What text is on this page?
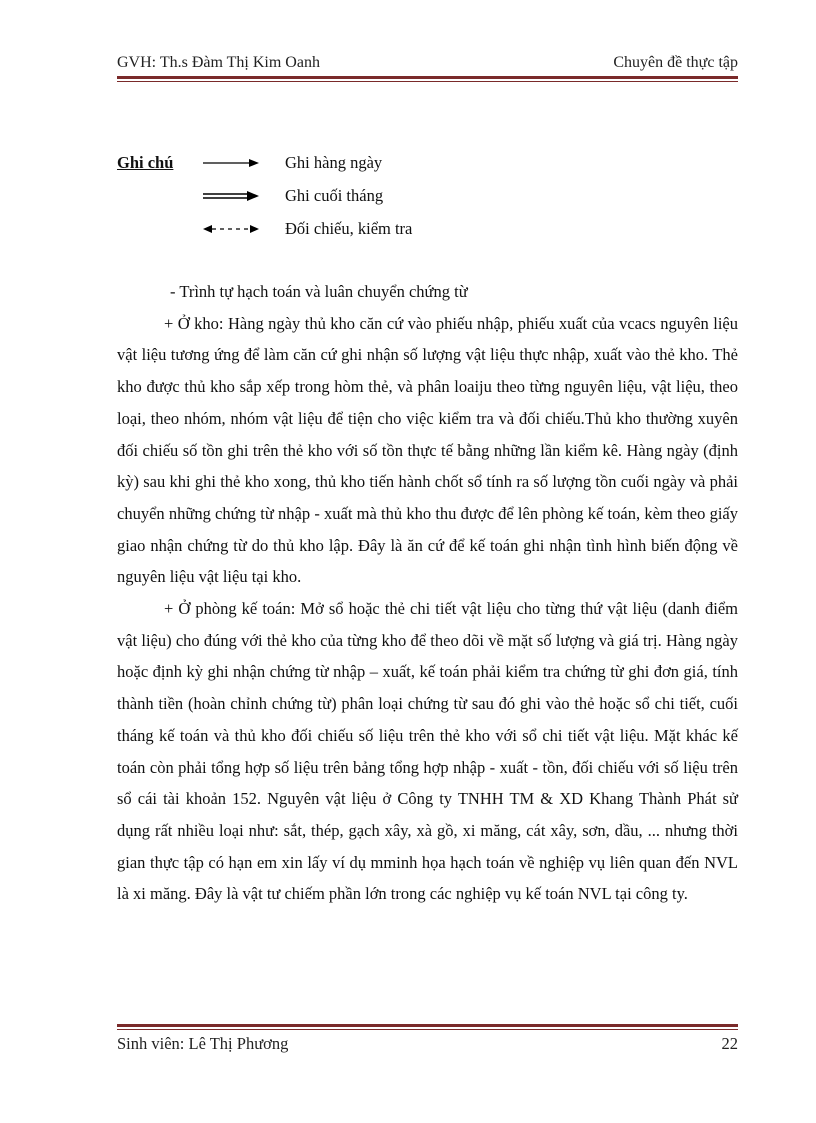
GVH: Th.s Đàm Thị Kim Oanh	Chuyên đề thực tập
Ghi chú	Ghi hàng ngày
Ghi cuối tháng
Đối chiếu, kiểm tra

- Trình tự hạch toán và luân chuyển chứng từ

+ Ở kho: Hàng ngày thủ kho căn cứ vào phiếu nhập, phiếu xuất của vcacs nguyên liệu vật liệu tương ứng để làm căn cứ ghi nhận số lượng vật liệu thực nhập, xuất vào thẻ kho. Thẻ kho được thủ kho sắp xếp trong hòm thẻ, và phân loaiju theo từng nguyên liệu, vật liệu, theo loại, theo nhóm, nhóm vật liệu để tiện cho việc kiểm tra và đối chiếu.Thủ kho thường xuyên đối chiếu số tồn ghi trên thẻ kho với số tồn thực tế bằng những lần kiểm kê. Hàng ngày (định kỳ) sau khi ghi thẻ kho xong, thủ kho tiến hành chốt sổ tính ra số lượng tồn cuối ngày và phải chuyển những chứng từ nhập - xuất mà thủ kho thu được để lên phòng kế toán, kèm theo giấy giao nhận chứng từ do thủ kho lập. Đây là ăn cứ để kế toán ghi nhận tình hình biến động về nguyên liệu vật liệu tại kho.

+ Ở phòng kế toán: Mở sổ hoặc thẻ chi tiết vật liệu cho từng thứ vật liệu (danh điểm vật liệu) cho đúng với thẻ kho của từng kho để theo dõi về mặt số lượng và giá trị. Hàng ngày hoặc định kỳ ghi nhận chứng từ nhập – xuất, kế toán phải kiểm tra chứng từ ghi đơn giá, tính thành tiền (hoàn chỉnh chứng từ) phân loại chứng từ sau đó ghi vào thẻ hoặc sổ chi tiết, cuối tháng kế toán và thủ kho đối chiếu số liệu trên thẻ kho với sổ chi tiết vật liệu. Mặt khác kế toán còn phải tổng hợp số liệu trên bảng tổng hợp nhập - xuất - tồn, đối chiếu với số liệu trên sổ cái tài khoản 152. Nguyên vật liệu ở Công ty TNHH TM & XD Khang Thành Phát sử dụng rất nhiều loại như: sắt, thép, gạch xây, xà gồ, xi măng, cát xây, sơn, dầu, ... nhưng thời gian thực tập có hạn em xin lấy ví dụ mminh họa hạch toán về nghiệp vụ liên quan đến NVL là xi măng. Đây là vật tư chiếm phần lớn trong các nghiệp vụ kế toán NVL tại công ty.

Sinh viên: Lê Thị Phương	22
